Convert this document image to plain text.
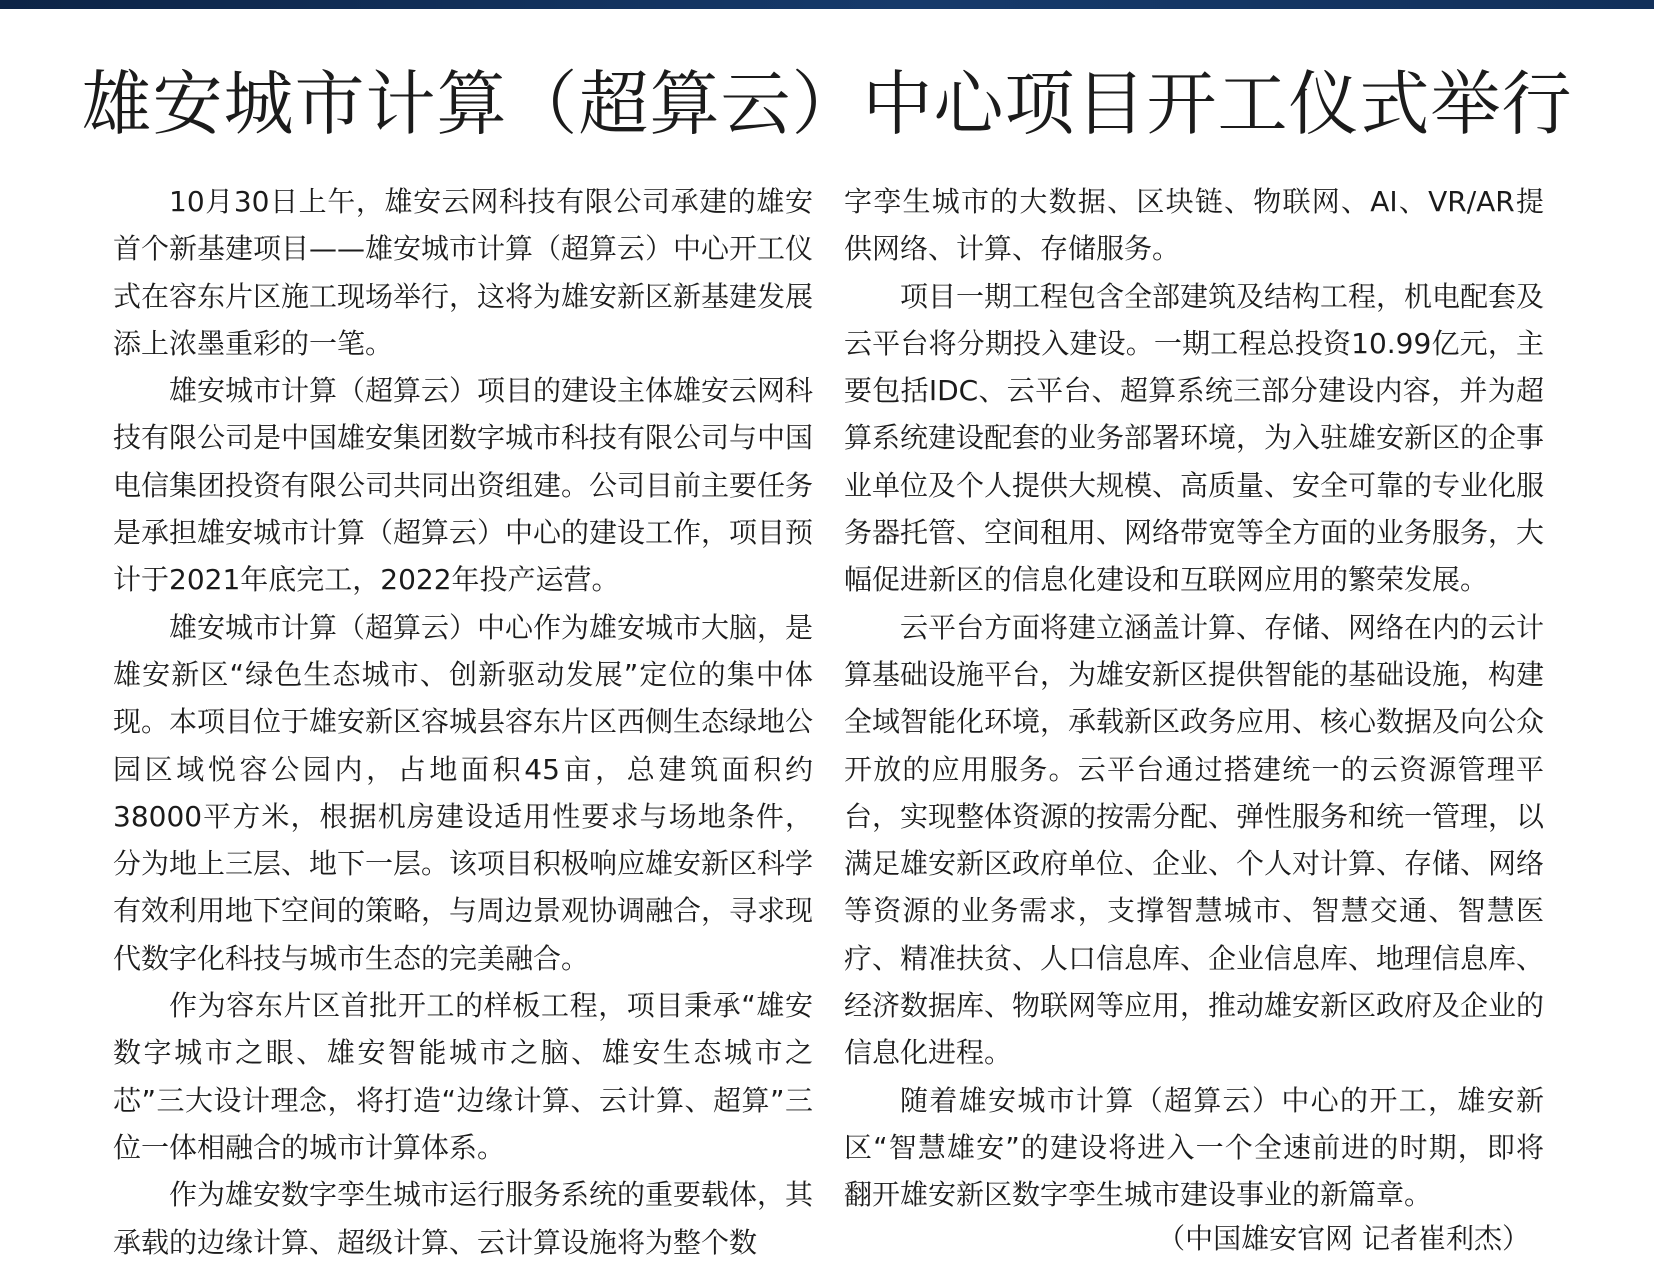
雄安城市计算（超算云）中心项目开工仪式举行

10月30日上午，雄安云网科技有限公司承建的雄安首个新基建项目——雄安城市计算（超算云）中心开工仪式在容东片区施工现场举行，这将为雄安新区新基建发展添上浓墨重彩的一笔。

雄安城市计算（超算云）项目的建设主体雄安云网科技有限公司是中国雄安集团数字城市科技有限公司与中国电信集团投资有限公司共同出资组建。公司目前主要任务是承担雄安城市计算（超算云）中心的建设工作，项目预计于2021年底完工，2022年投产运营。

雄安城市计算（超算云）中心作为雄安城市大脑，是雄安新区“绿色生态城市、创新驱动发展”定位的集中体现。本项目位于雄安新区容城县容东片区西侧生态绿地公园区域悦容公园内，占地面积45亩，总建筑面积约38000平方米，根据机房建设适用性要求与场地条件，分为地上三层、地下一层。该项目积极响应雄安新区科学有效利用地下空间的策略，与周边景观协调融合，寻求现代数字化科技与城市生态的完美融合。

作为容东片区首批开工的样板工程，项目秉承“雄安数字城市之眼、雄安智能城市之脑、雄安生态城市之芯”三大设计理念，将打造“边缘计算、云计算、超算”三位一体相融合的城市计算体系。

作为雄安数字孪生城市运行服务系统的重要载体，其承载的边缘计算、超级计算、云计算设施将为整个数

字孪生城市的大数据、区块链、物联网、AI、VR/AR提供网络、计算、存储服务。

项目一期工程包含全部建筑及结构工程，机电配套及云平台将分期投入建设。一期工程总投资10.99亿元，主要包括IDC、云平台、超算系统三部分建设内容，并为超算系统建设配套的业务部署环境，为入驻雄安新区的企事业单位及个人提供大规模、高质量、安全可靠的专业化服务器托管、空间租用、网络带宽等全方面的业务服务，大幅促进新区的信息化建设和互联网应用的繁荣发展。

云平台方面将建立涵盖计算、存储、网络在内的云计算基础设施平台，为雄安新区提供智能的基础设施，构建全域智能化环境，承载新区政务应用、核心数据及向公众开放的应用服务。云平台通过搭建统一的云资源管理平台，实现整体资源的按需分配、弹性服务和统一管理，以满足雄安新区政府单位、企业、个人对计算、存储、网络等资源的业务需求，支撑智慧城市、智慧交通、智慧医疗、精准扶贫、人口信息库、企业信息库、地理信息库、经济数据库、物联网等应用，推动雄安新区政府及企业的信息化进程。

随着雄安城市计算（超算云）中心的开工，雄安新区“智慧雄安”的建设将进入一个全速前进的时期，即将翻开雄安新区数字孪生城市建设事业的新篇章。

（中国雄安官网 记者崔利杰）
